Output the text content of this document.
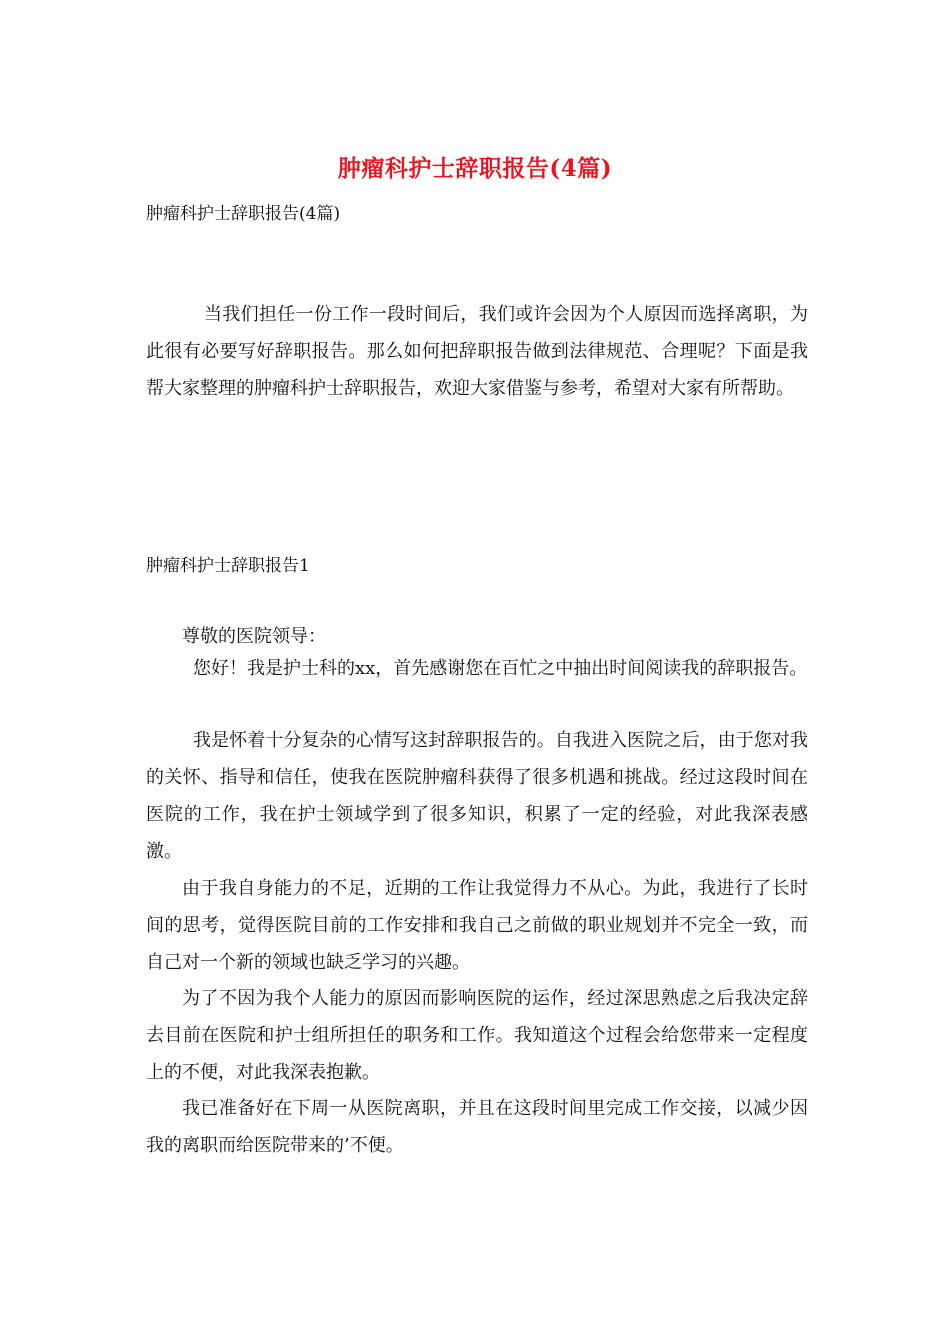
肿瘤科护士辞职报告(4篇)
肿瘤科护士辞职报告(4篇)

当我们担任一份工作一段时间后，我们或许会因为个人原因而选择离职，为此很有必要写好辞职报告。那么如何把辞职报告做到法律规范、合理呢？下面是我帮大家整理的肿瘤科护士辞职报告，欢迎大家借鉴与参考，希望对大家有所帮助。

肿瘤科护士辞职报告1
尊敬的医院领导：

您好！我是护士科的xx，首先感谢您在百忙之中抽出时间阅读我的辞职报告。

我是怀着十分复杂的心情写这封辞职报告的。自我进入医院之后，由于您对我的关怀、指导和信任，使我在医院肿瘤科获得了很多机遇和挑战。经过这段时间在医院的工作，我在护士领域学到了很多知识，积累了一定的经验，对此我深表感激。

由于我自身能力的不足，近期的工作让我觉得力不从心。为此，我进行了长时间的思考，觉得医院目前的工作安排和我自己之前做的职业规划并不完全一致，而自己对一个新的领域也缺乏学习的兴趣。

为了不因为我个人能力的原因而影响医院的运作，经过深思熟虑之后我决定辞去目前在医院和护士组所担任的职务和工作。我知道这个过程会给您带来一定程度上的不便，对此我深表抱歉。

我已准备好在下周一从医院离职，并且在这段时间里完成工作交接，以减少因我的离职而给医院带来的’不便。
